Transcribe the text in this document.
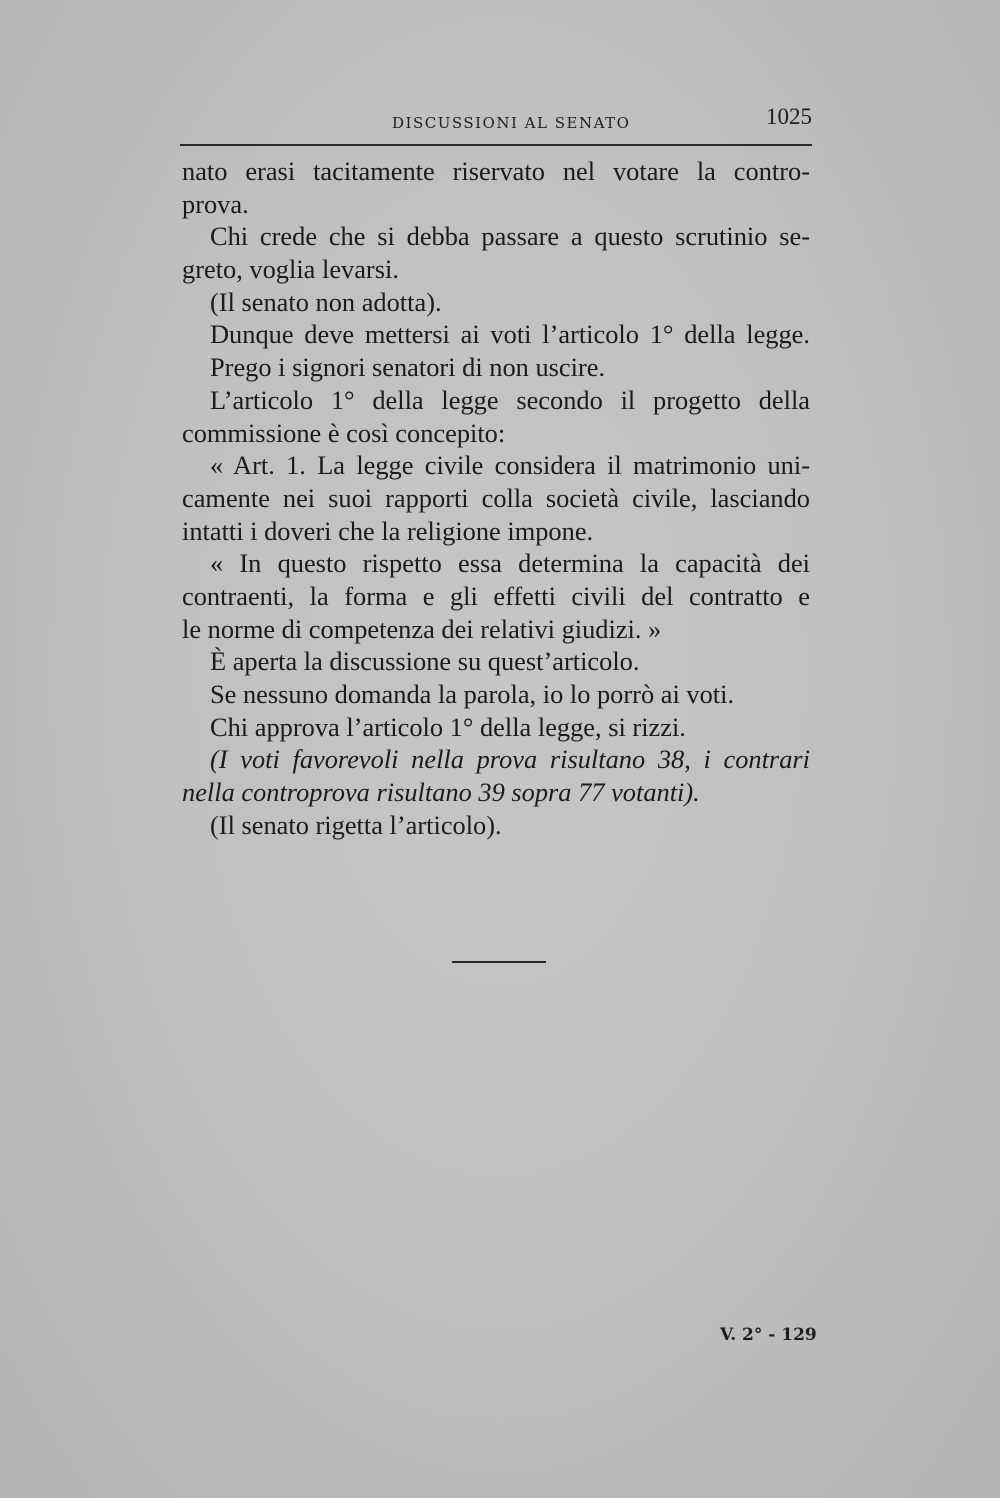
DISCUSSIONI AL SENATO	1025
nato erasi tacitamente riservato nel votare la contro-
prova.
Chi crede che si debba passare a questo scrutinio se-
greto, voglia levarsi.
(Il senato non adotta).
Dunque deve mettersi ai voti l’articolo 1° della legge.
Prego i signori senatori di non uscire.
L’articolo 1° della legge secondo il progetto della
commissione è così concepito:
« Art. 1. La legge civile considera il matrimonio uni-
camente nei suoi rapporti colla società civile, lasciando
intatti i doveri che la religione impone.
« In questo rispetto essa determina la capacità dei
contraenti, la forma e gli effetti civili del contratto e
le norme di competenza dei relativi giudizi. »
È aperta la discussione su quest’articolo.
Se nessuno domanda la parola, io lo porrò ai voti.
Chi approva l’articolo 1° della legge, si rizzi.
(I voti favorevoli nella prova risultano 38, i contrari
nella controprova risultano 39 sopra 77 votanti).
(Il senato rigetta l’articolo).
V. 2° - 129
